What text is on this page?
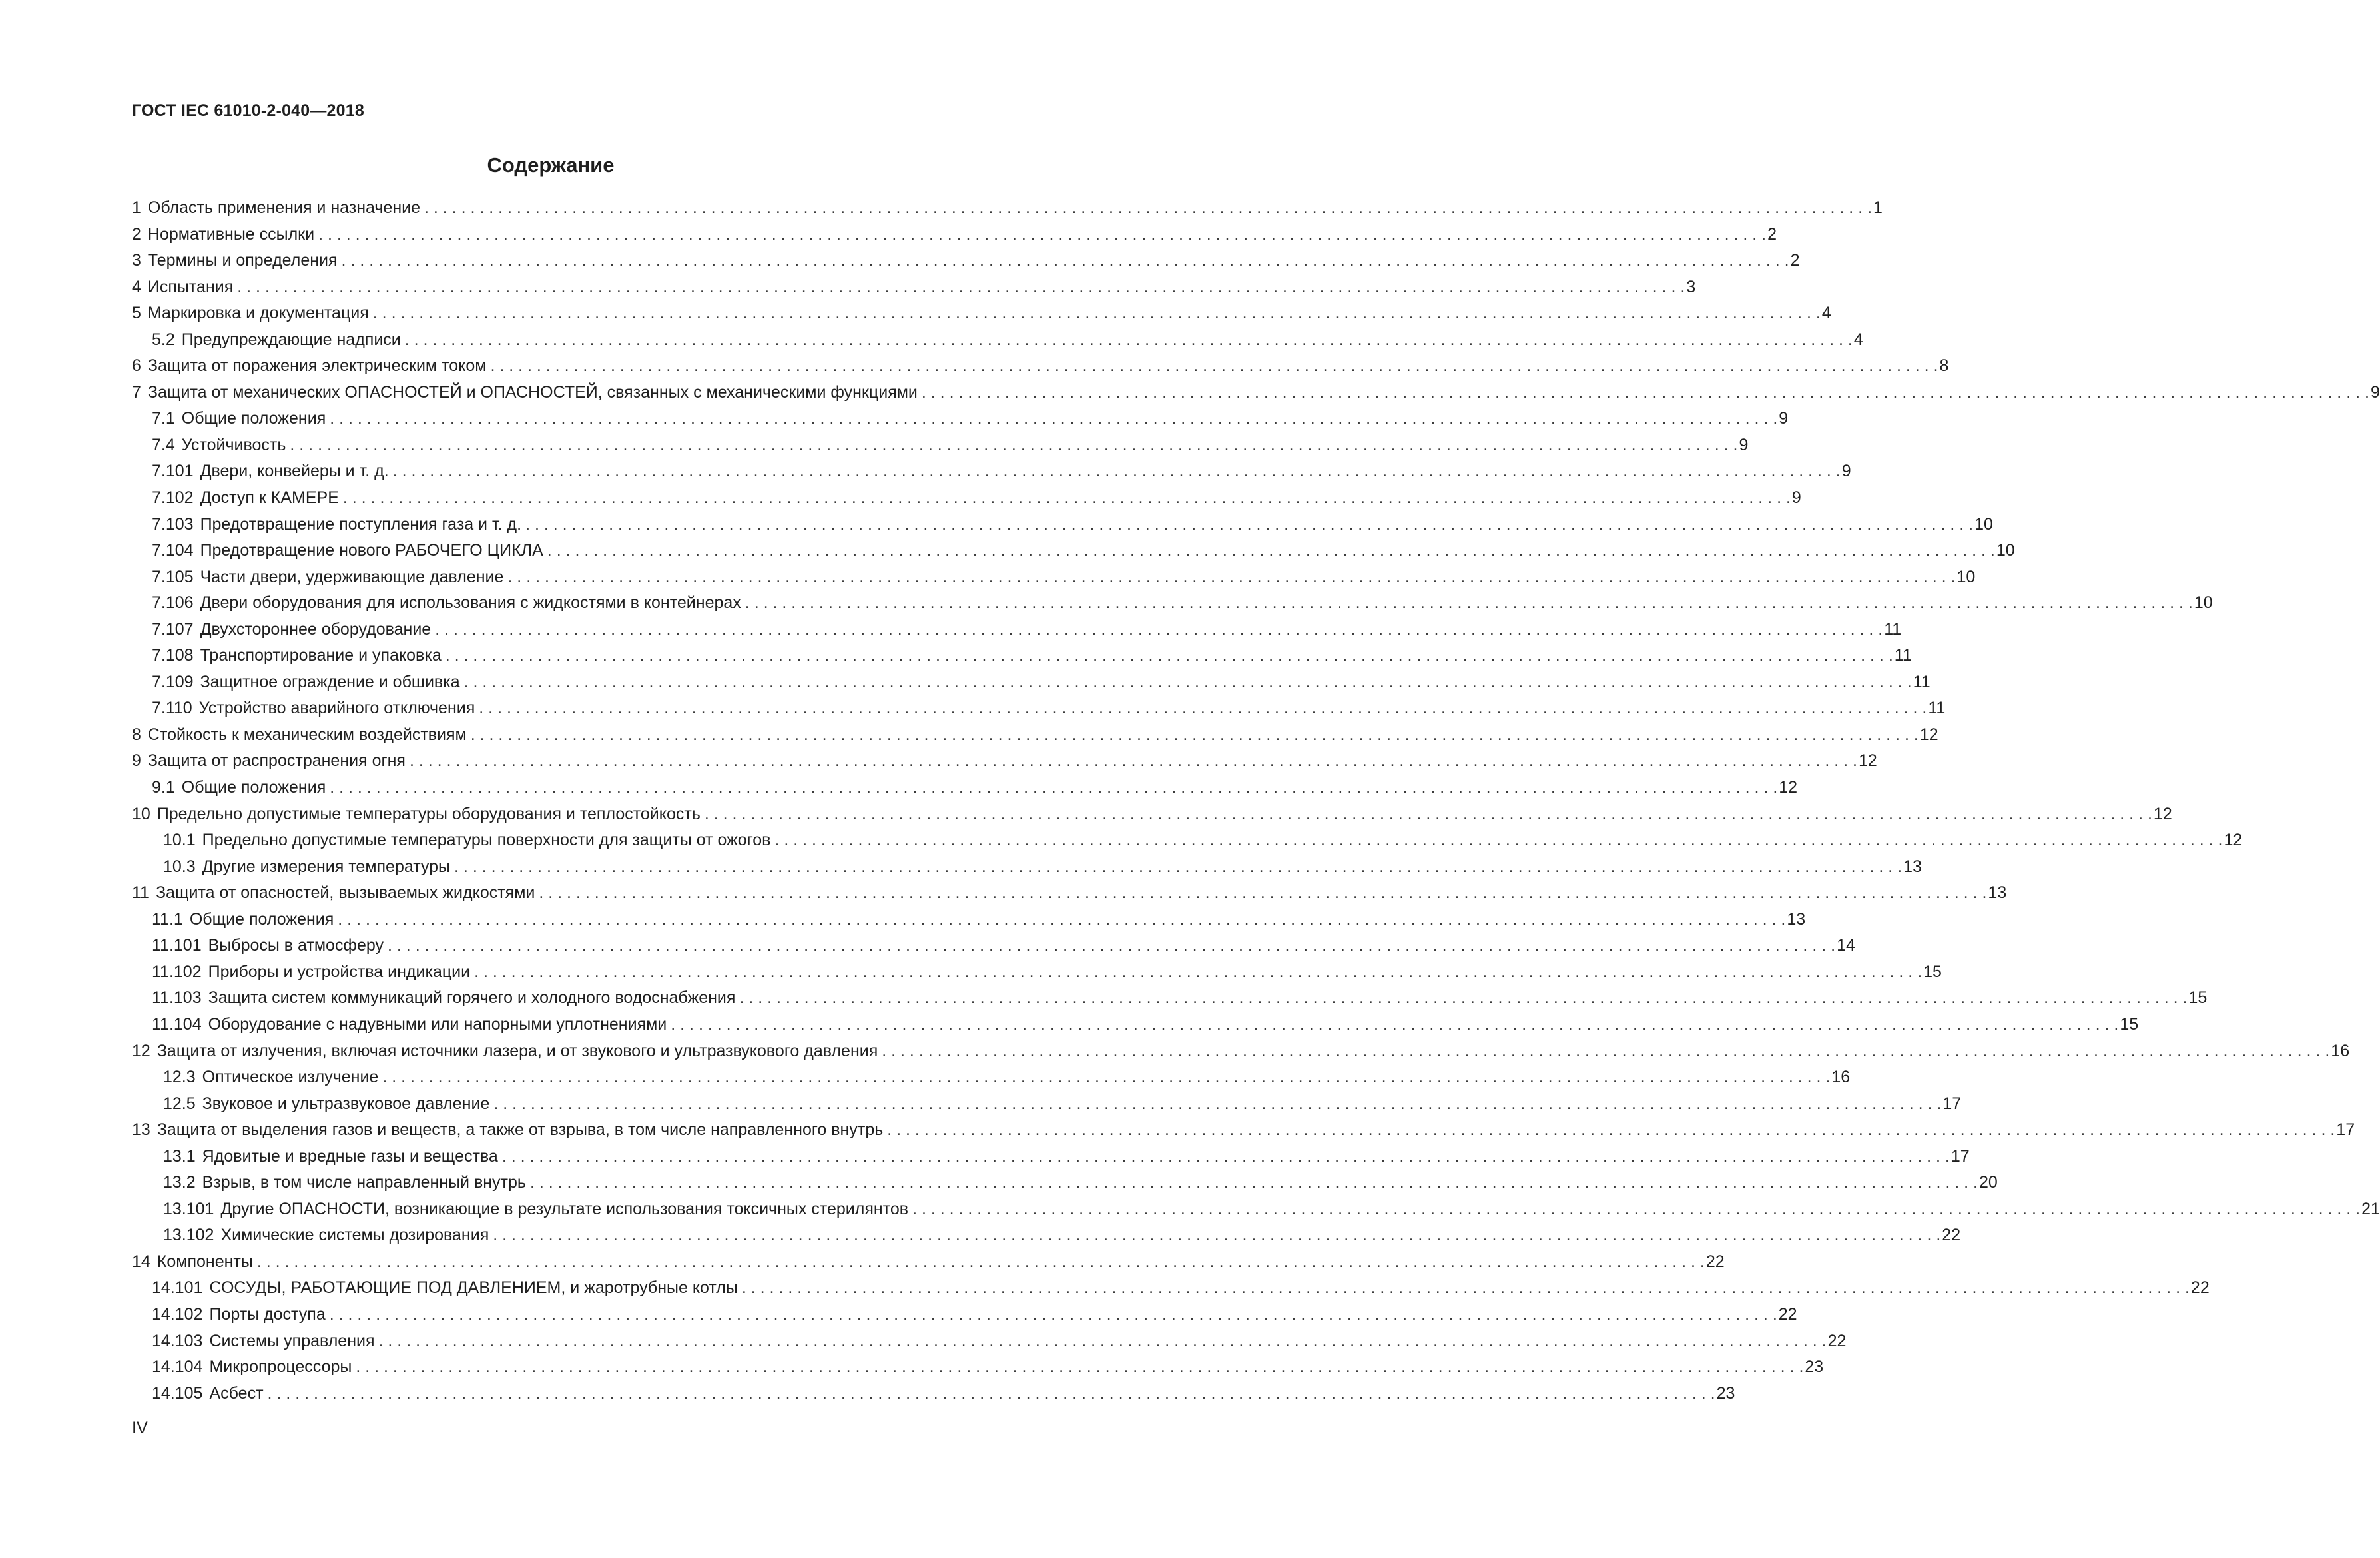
ГОСТ IEC 61010-2-040—2018
Содержание
1 Область применения и назначение . . .	1
2 Нормативные ссылки . . .	2
3 Термины и определения . . .	2
4 Испытания . . .	3
5 Маркировка и документация . . .	4
5.2 Предупреждающие надписи . . .	4
6 Защита от поражения электрическим током . . .	8
7 Защита от механических ОПАСНОСТЕЙ и ОПАСНОСТЕЙ, связанных с механическими функциями . . .	9
7.1 Общие положения . . .	9
7.4 Устойчивость . . .	9
7.101 Двери, конвейеры и т. д. . . .	9
7.102 Доступ к КАМЕРЕ . . .	9
7.103 Предотвращение поступления газа и т. д. . . .	10
7.104 Предотвращение нового РАБОЧЕГО ЦИКЛА . . .	10
7.105 Части двери, удерживающие давление . . .	10
7.106 Двери оборудования для использования с жидкостями в контейнерах . . .	10
7.107 Двухстороннее оборудование . . .	11
7.108 Транспортирование и упаковка . . .	11
7.109 Защитное ограждение и обшивка . . .	11
7.110 Устройство аварийного отключения . . .	11
8 Стойкость к механическим воздействиям . . .	12
9 Защита от распространения огня . . .	12
9.1 Общие положения . . .	12
10 Предельно допустимые температуры оборудования и теплостойкость . . .	12
10.1 Предельно допустимые температуры поверхности для защиты от ожогов . . .	12
10.3 Другие измерения температуры . . .	13
11 Защита от опасностей, вызываемых жидкостями . . .	13
11.1 Общие положения . . .	13
11.101 Выбросы в атмосферу . . .	14
11.102 Приборы и устройства индикации . . .	15
11.103 Защита систем коммуникаций горячего и холодного водоснабжения . . .	15
11.104 Оборудование с надувными или напорными уплотнениями . . .	15
12 Защита от излучения, включая источники лазера, и от звукового и ультразвукового давления . . .	16
12.3 Оптическое излучение . . .	16
12.5 Звуковое и ультразвуковое давление . . .	17
13 Защита от выделения газов и веществ, а также от взрыва, в том числе направленного внутрь . . .	17
13.1 Ядовитые и вредные газы и вещества . . .	17
13.2 Взрыв, в том числе направленный внутрь . . .	20
13.101 Другие ОПАСНОСТИ, возникающие в результате использования токсичных стерилянтов . . .	21
13.102 Химические системы дозирования . . .	22
14 Компоненты . . .	22
14.101 СОСУДЫ, РАБОТАЮЩИЕ ПОД ДАВЛЕНИЕМ, и жаротрубные котлы . . .	22
14.102 Порты доступа . . .	22
14.103 Системы управления . . .	22
14.104 Микропроцессоры . . .	23
14.105 Асбест . . .	23
IV
